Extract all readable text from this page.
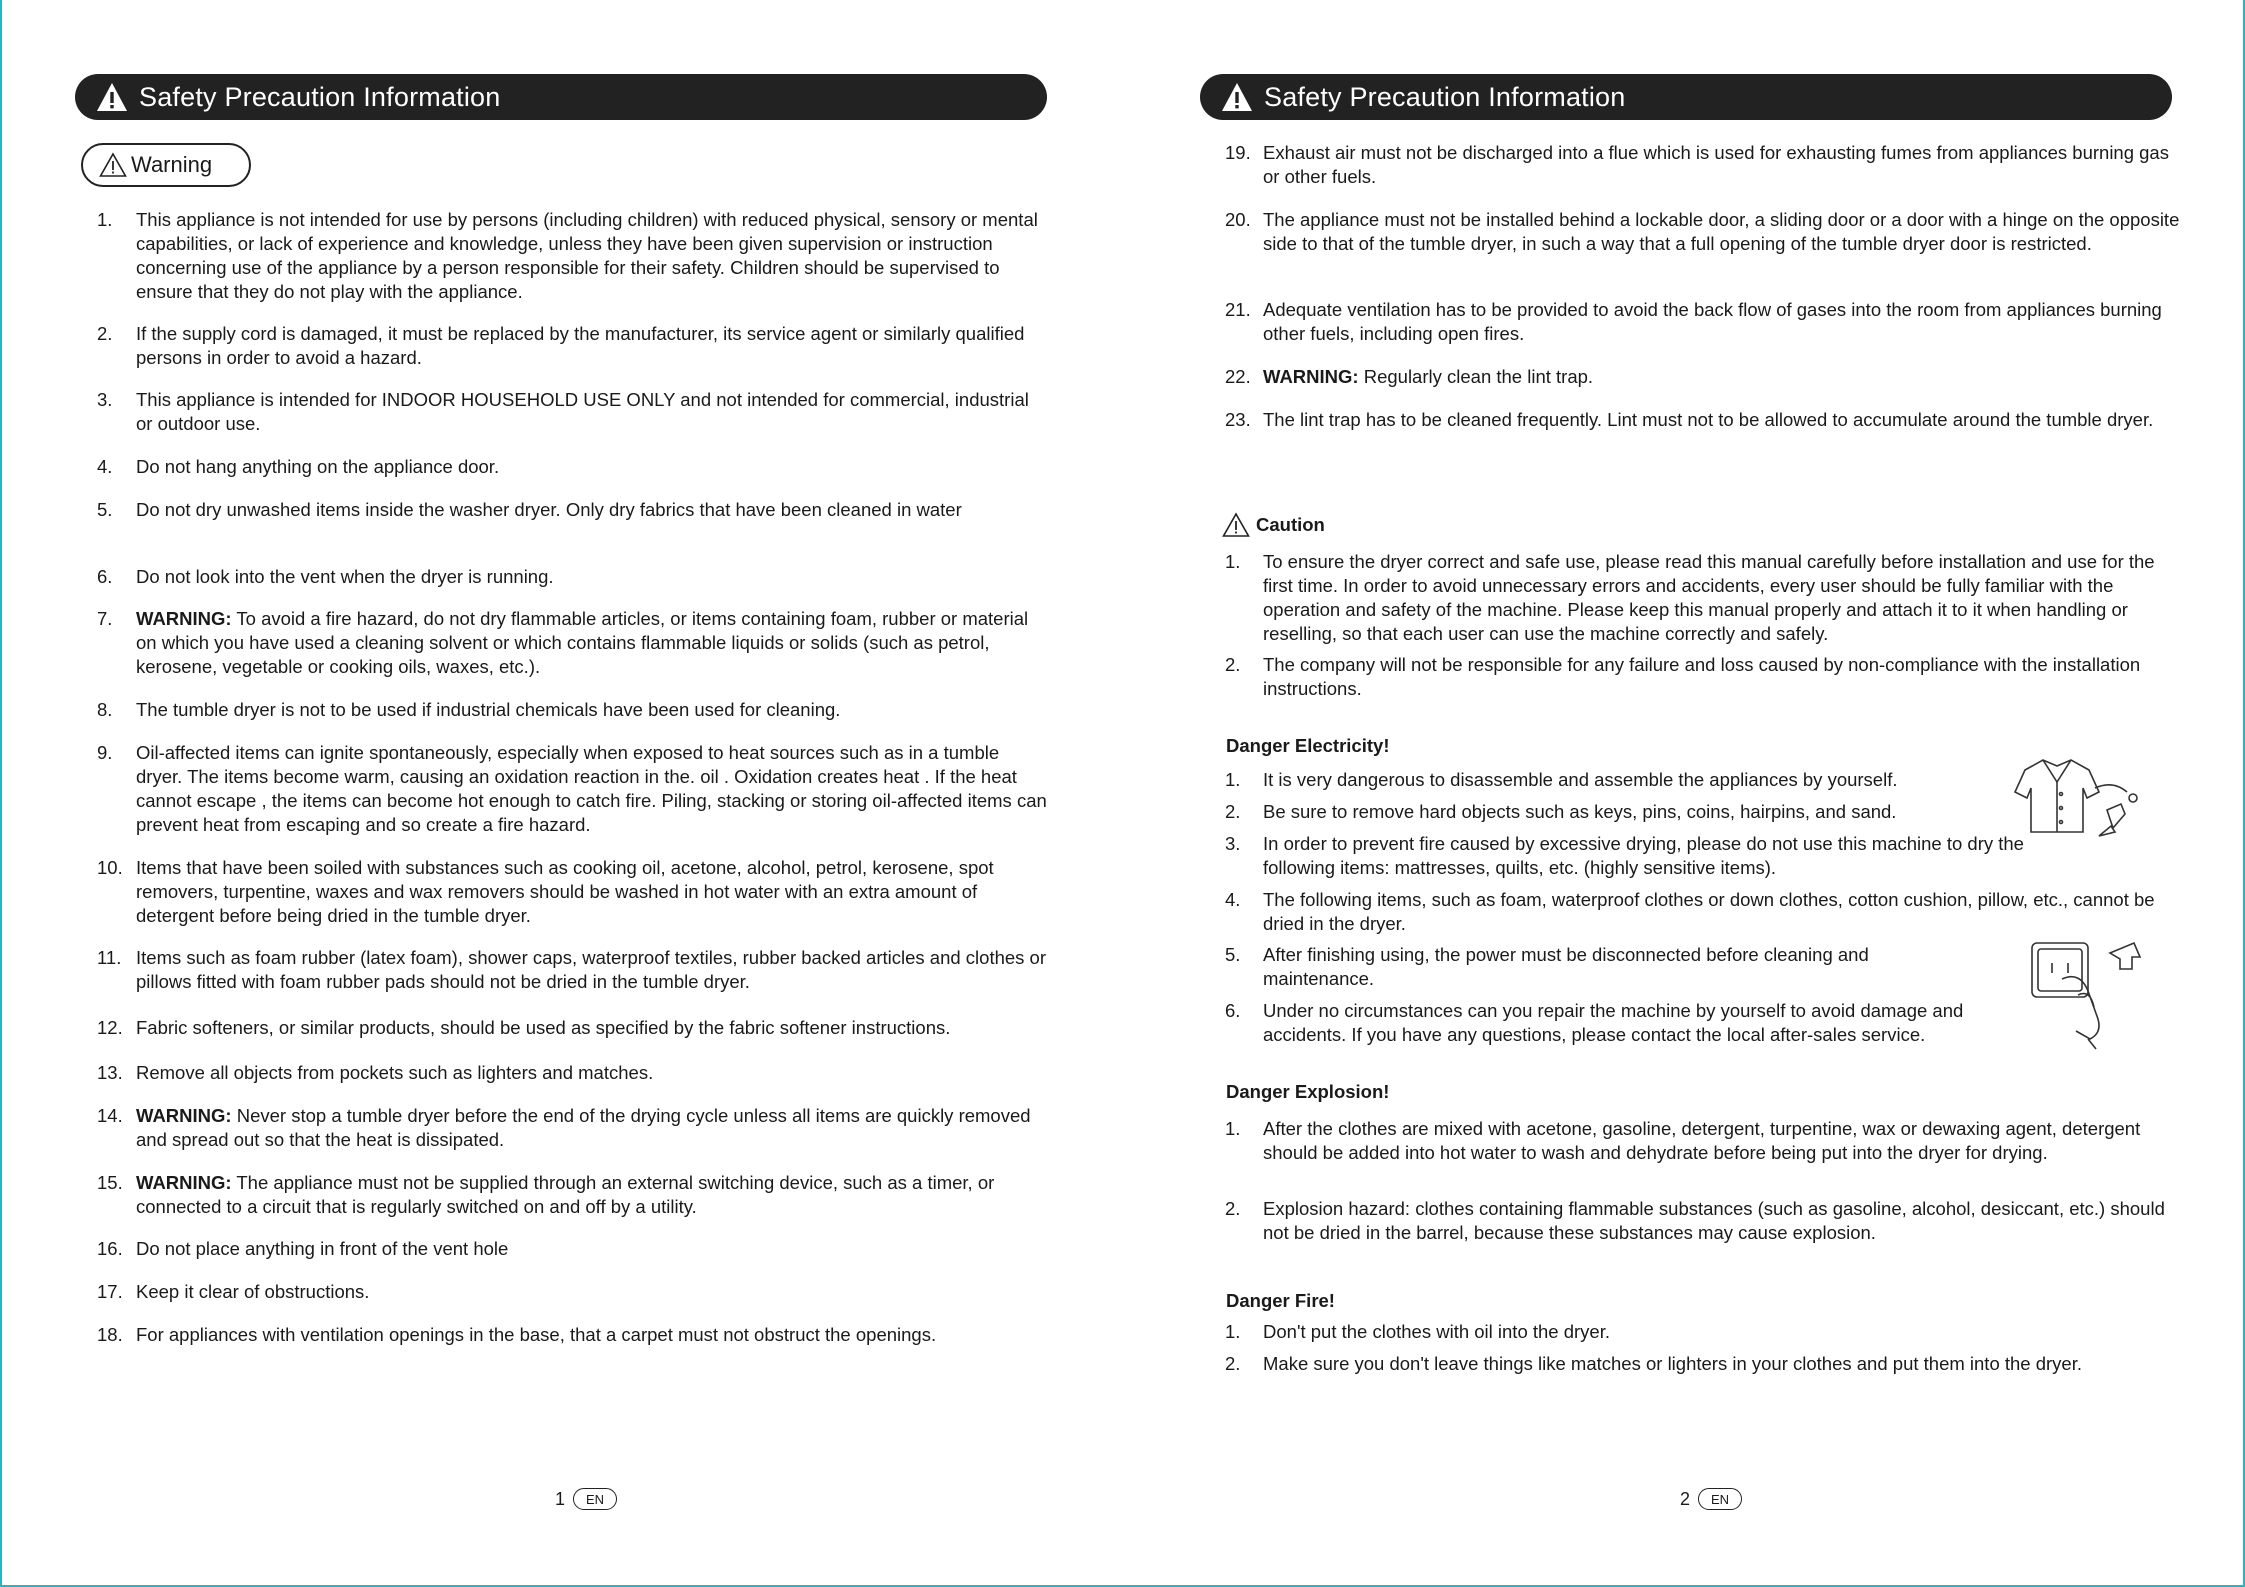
Safety Precaution Information
Warning
1.	This appliance is not intended for use by persons (including children) with reduced physical, sensory or mental capabilities, or lack of experience and knowledge, unless they have been given supervision or instruction concerning use of the appliance by a person responsible for their safety. Children should be supervised to ensure that they do not play with the appliance.
2.	If the supply cord is damaged, it must be replaced by the manufacturer, its service agent or similarly qualified persons in order to avoid a hazard.
3.	This appliance is intended for INDOOR HOUSEHOLD USE ONLY and not intended for commercial, industrial or outdoor use.
4.	Do not hang anything on the appliance door.
5.	Do not dry unwashed items inside the washer dryer. Only dry fabrics that have been cleaned in water
6.	Do not look into the vent when the dryer is running.
7.	WARNING: To avoid a fire hazard, do not dry flammable articles, or items containing foam, rubber or material on which you have used a cleaning solvent or which contains flammable liquids or solids (such as petrol, kerosene, vegetable or cooking oils, waxes, etc.).
8.	The tumble dryer is not to be used if industrial chemicals have been used for cleaning.
9.	Oil-affected items can ignite spontaneously, especially when exposed to heat sources such as in a tumble dryer. The items become warm, causing an oxidation reaction in the. oil . Oxidation creates heat . If the heat cannot escape , the items can become hot enough to catch fire. Piling, stacking or storing oil-affected items can prevent heat from escaping and so create a fire hazard.
10. Items that have been soiled with substances such as cooking oil, acetone, alcohol, petrol, kerosene, spot removers, turpentine, waxes and wax removers should be washed in hot water with an extra amount of detergent before being dried in the tumble dryer.
11. Items such as foam rubber (latex foam), shower caps, waterproof textiles, rubber backed articles and clothes or pillows fitted with foam rubber pads should not be dried in the tumble dryer.
12. Fabric softeners, or similar products, should be used as specified by the fabric softener instructions.
13. Remove all objects from pockets such as lighters and matches.
14. WARNING: Never stop a tumble dryer before the end of the drying cycle unless all items are quickly removed and spread out so that the heat is dissipated.
15. WARNING: The appliance must not be supplied through an external switching device, such as a timer, or connected to a circuit that is regularly switched on and off by a utility.
16. Do not place anything in front of the vent hole
17. Keep it clear of obstructions.
18. For appliances with ventilation openings in the base, that a carpet must not obstruct the openings.
1	EN
Safety Precaution Information
19. Exhaust air must not be discharged into a flue which is used for exhausting fumes from appliances burning gas or other fuels.
20. The appliance must not be installed behind a lockable door, a sliding door or a door with a hinge on the opposite side to that of the tumble dryer, in such a way that a full opening of the tumble dryer door is restricted.
21. Adequate ventilation has to be provided to avoid the back flow of gases into the room from appliances burning other fuels, including open fires.
22. WARNING: Regularly clean the lint trap.
23. The lint trap has to be cleaned frequently. Lint must not to be allowed to accumulate around the tumble dryer.
Caution
1.	To ensure the dryer correct and safe use, please read this manual carefully before installation and use for the first time. In order to avoid unnecessary errors and accidents, every user should be fully familiar with the operation and safety of the machine. Please keep this manual properly and attach it to it when handling or reselling, so that each user can use the machine correctly and safely.
2.	The company will not be responsible for any failure and loss caused by non-compliance with the installation instructions.
Danger Electricity!
1.	It is very dangerous to disassemble and assemble the appliances by yourself.
2.	Be sure to remove hard objects such as keys, pins, coins, hairpins, and sand.
3.	In order to prevent fire caused by excessive drying, please do not use this machine to dry the following items: mattresses, quilts, etc. (highly sensitive items).
4.	The following items, such as foam, waterproof clothes or down clothes, cotton cushion, pillow, etc., cannot be dried in the dryer.
5.	After finishing using, the power must be disconnected before cleaning and maintenance.
6.	Under no circumstances can you repair the machine by yourself to avoid damage and accidents. If you have any questions, please contact the local after-sales service.
Danger Explosion!
1.	After the clothes are mixed with acetone, gasoline, detergent, turpentine, wax or dewaxing agent, detergent should be added into hot water to wash and dehydrate before being put into the dryer for drying.
2.	Explosion hazard: clothes containing flammable substances (such as gasoline, alcohol, desiccant, etc.) should not be dried in the barrel, because these substances may cause explosion.
Danger Fire!
1.	Don't put the clothes with oil into the dryer.
2.	Make sure you don't leave things like matches or lighters in your clothes and put them into the dryer.
2	EN
